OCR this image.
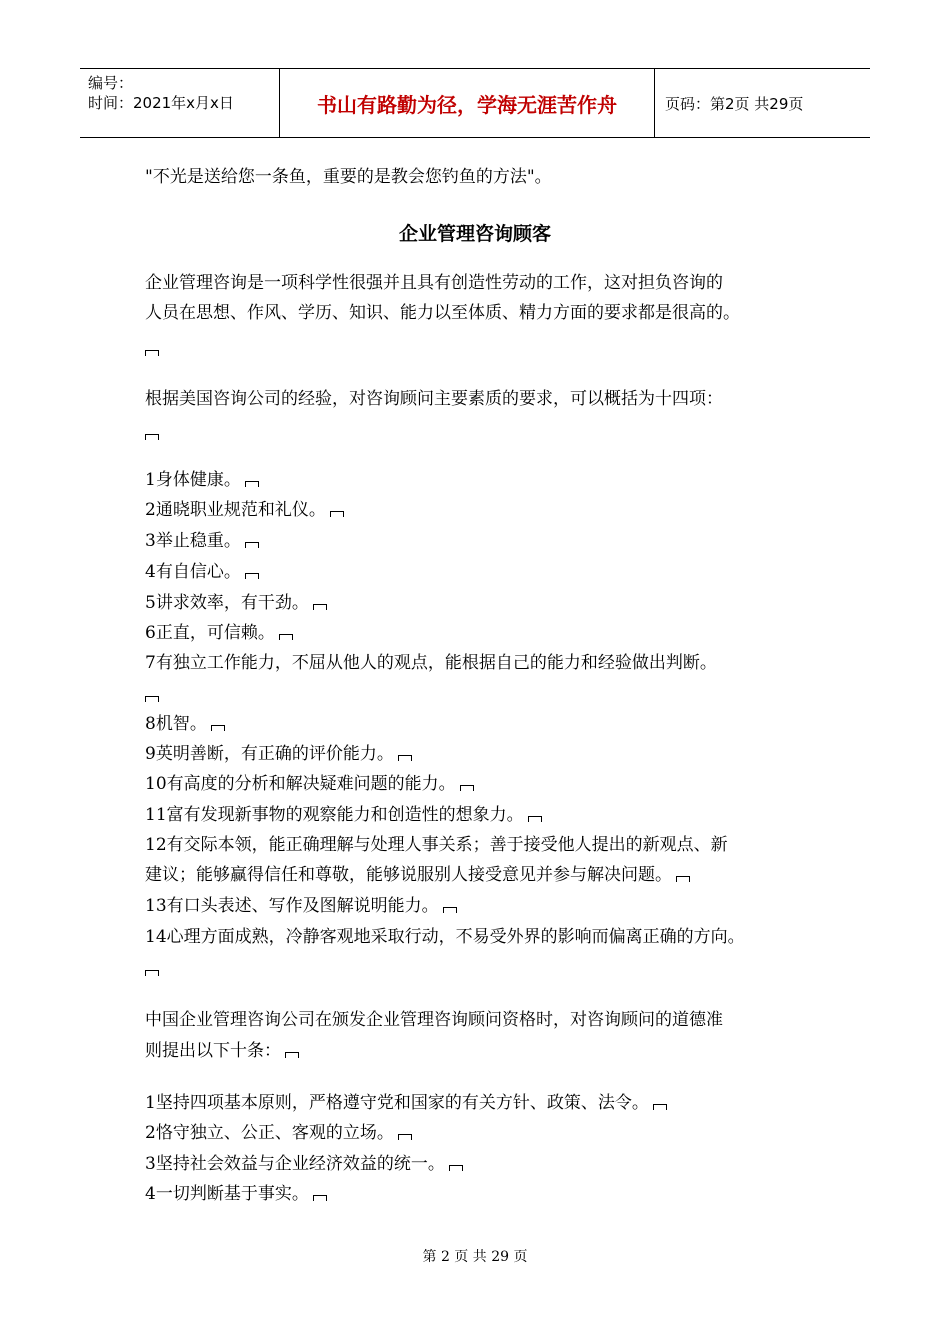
编号：
时间：2021年x月x日	书山有路勤为径，学海无涯苦作舟	页码：第2页 共29页
"不光是送给您一条鱼，重要的是教会您钓鱼的方法"。
企业管理咨询顾客
企业管理咨询是一项科学性很强并且具有创造性劳动的工作，这对担负咨询的
人员在思想、作风、学历、知识、能力以至体质、精力方面的要求都是很高的。
根据美国咨询公司的经验，对咨询顾问主要素质的要求，可以概括为十四项：
1身体健康。
2通晓职业规范和礼仪。
3举止稳重。
4有自信心。
5讲求效率，有干劲。
6正直，可信赖。
7有独立工作能力，不屈从他人的观点，能根据自己的能力和经验做出判断。
8机智。
9英明善断，有正确的评价能力。
10有高度的分析和解决疑难问题的能力。
11富有发现新事物的观察能力和创造性的想象力。
12有交际本领，能正确理解与处理人事关系；善于接受他人提出的新观点、新
建议；能够赢得信任和尊敬，能够说服别人接受意见并参与解决问题。
13有口头表述、写作及图解说明能力。
14心理方面成熟，冷静客观地采取行动，不易受外界的影响而偏离正确的方向。
中国企业管理咨询公司在颁发企业管理咨询顾问资格时，对咨询顾问的道德准
则提出以下十条：
1坚持四项基本原则，严格遵守党和国家的有关方针、政策、法令。
2恪守独立、公正、客观的立场。
3坚持社会效益与企业经济效益的统一。
4一切判断基于事实。
第 2 页 共 29 页
